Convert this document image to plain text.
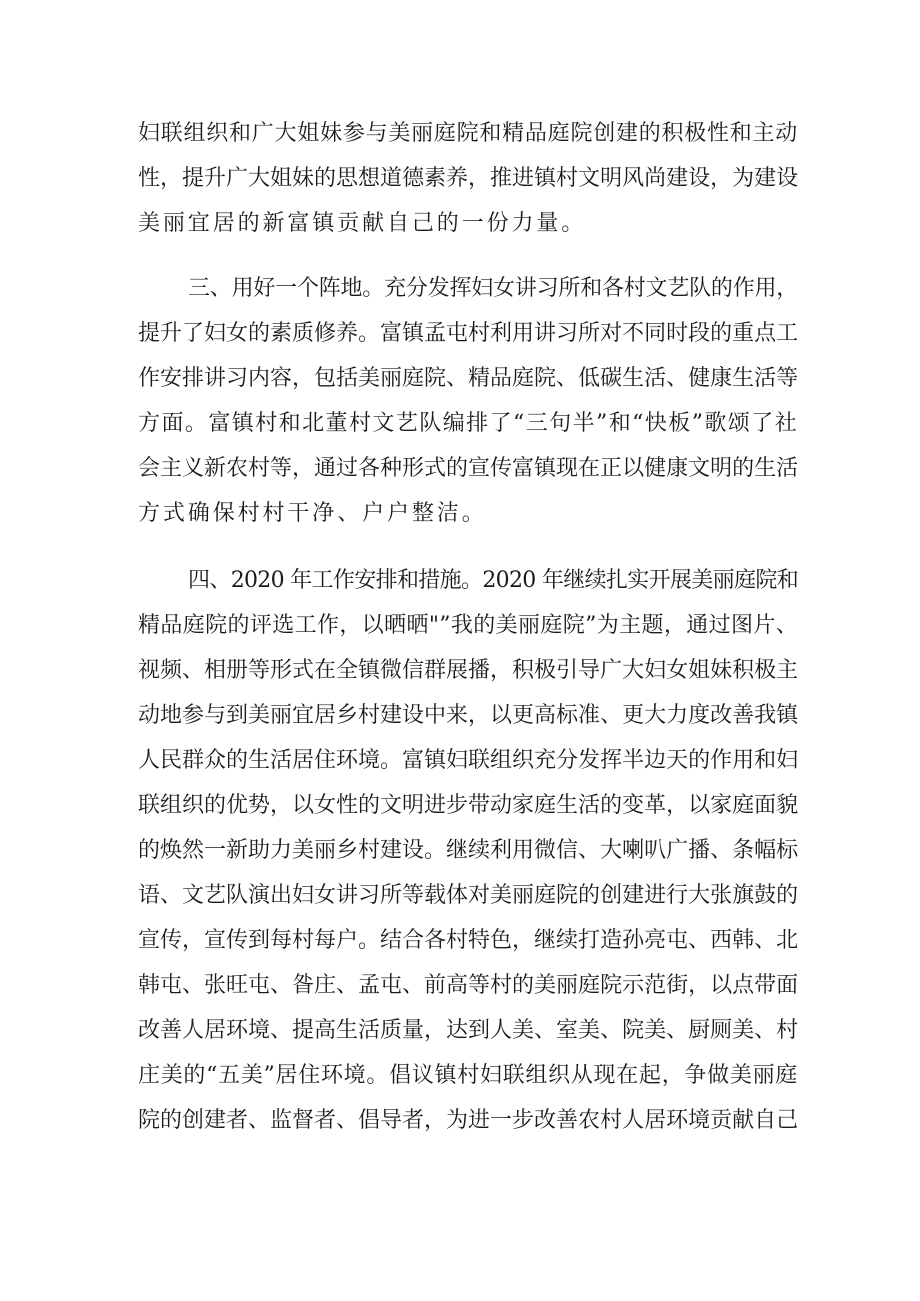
妇联组织和广大姐妹参与美丽庭院和精品庭院创建的积极性和主动
性，提升广大姐妹的思想道德素养，推进镇村文明风尚建设，为建设
美丽宜居的新富镇贡献自己的一份力量。
三、用好一个阵地。充分发挥妇女讲习所和各村文艺队的作用，
提升了妇女的素质修养。富镇孟屯村利用讲习所对不同时段的重点工
作安排讲习内容，包括美丽庭院、精品庭院、低碳生活、健康生活等
方面。富镇村和北董村文艺队编排了“三句半”和“快板”歌颂了社
会主义新农村等，通过各种形式的宣传富镇现在正以健康文明的生活
方式确保村村干净、户户整洁。
四、2020 年工作安排和措施。2020 年继续扎实开展美丽庭院和
精品庭院的评选工作，以晒晒"”我的美丽庭院”为主题，通过图片、
视频、相册等形式在全镇微信群展播，积极引导广大妇女姐妹积极主
动地参与到美丽宜居乡村建设中来，以更高标准、更大力度改善我镇
人民群众的生活居住环境。富镇妇联组织充分发挥半边天的作用和妇
联组织的优势，以女性的文明进步带动家庭生活的变革，以家庭面貌
的焕然一新助力美丽乡村建设。继续利用微信、大喇叭广播、条幅标
语、文艺队演出妇女讲习所等载体对美丽庭院的创建进行大张旗鼓的
宣传，宣传到每村每户。结合各村特色，继续打造孙亮屯、西韩、北
韩屯、张旺屯、昝庄、孟屯、前高等村的美丽庭院示范街，以点带面
改善人居环境、提高生活质量，达到人美、室美、院美、厨厕美、村
庄美的“五美”居住环境。倡议镇村妇联组织从现在起，争做美丽庭
院的创建者、监督者、倡导者，为进一步改善农村人居环境贡献自己
